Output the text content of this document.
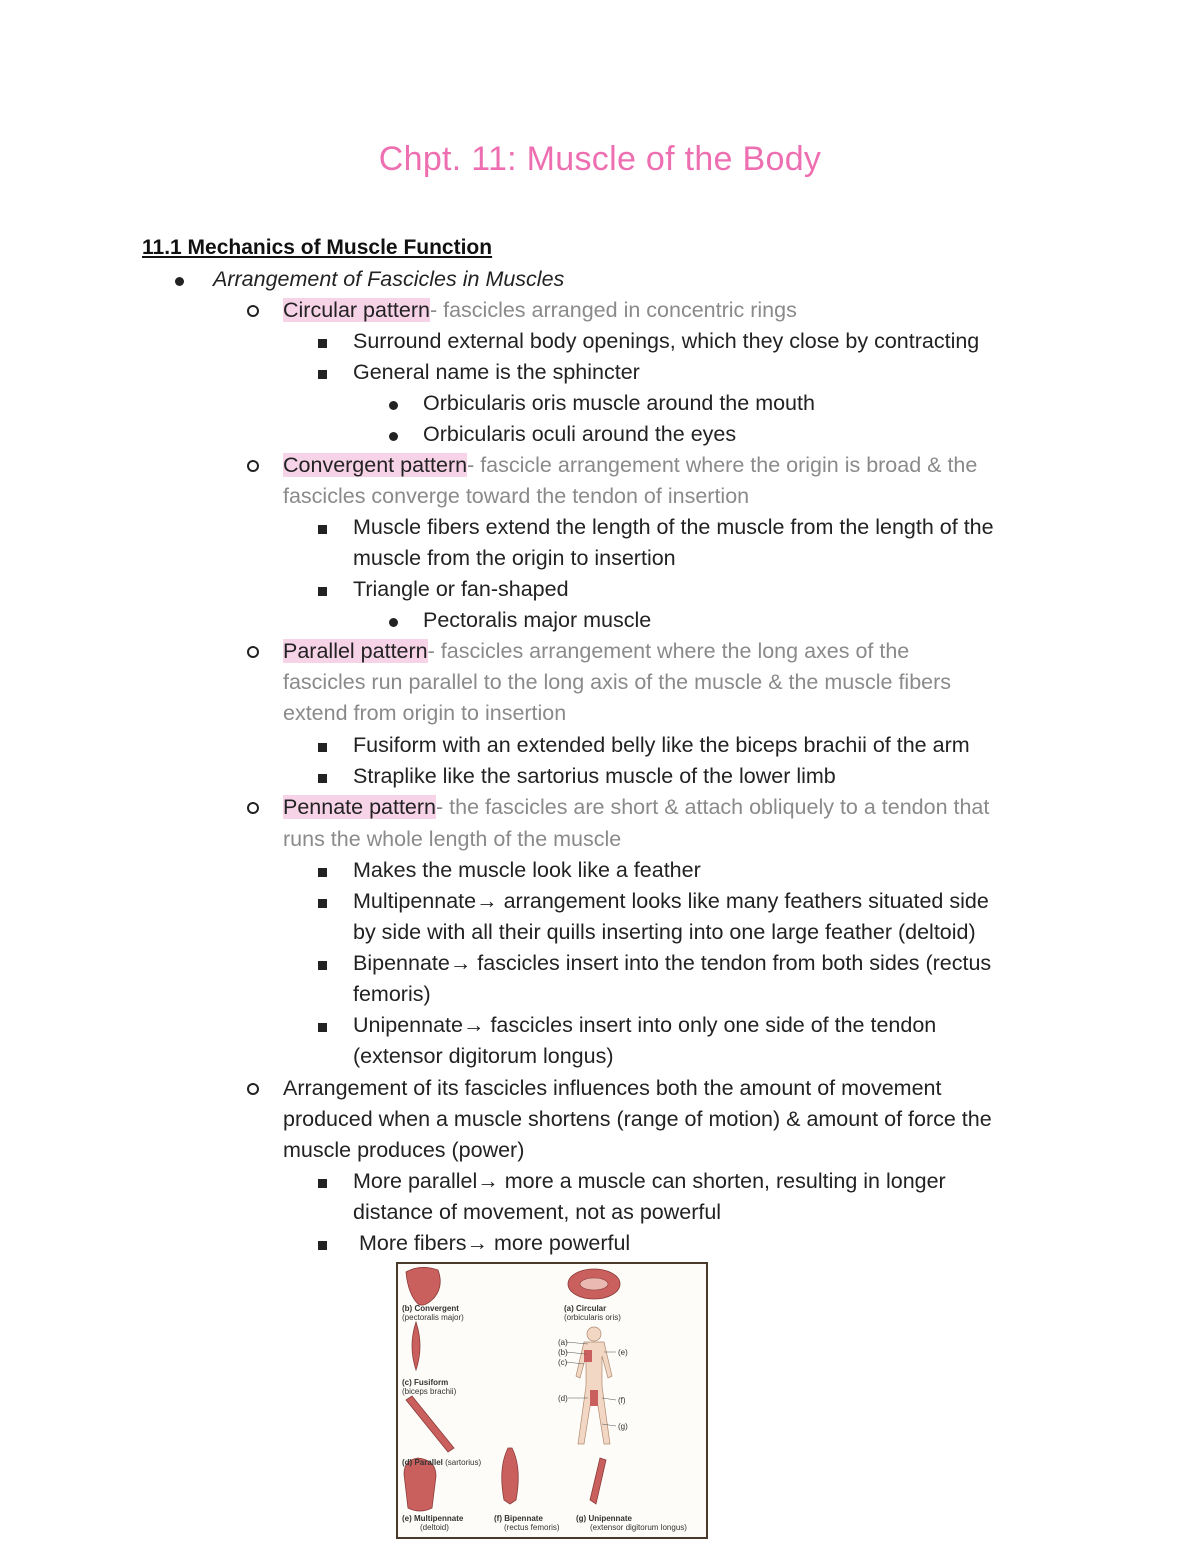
Chpt. 11: Muscle of the Body
11.1 Mechanics of Muscle Function
Arrangement of Fascicles in Muscles
Circular pattern- fascicles arranged in concentric rings
Surround external body openings, which they close by contracting
General name is the sphincter
Orbicularis oris muscle around the mouth
Orbicularis oculi around the eyes
Convergent pattern- fascicle arrangement where the origin is broad & the
fascicles converge toward the tendon of insertion
Muscle fibers extend the length of the muscle from the length of the
muscle from the origin to insertion
Triangle or fan-shaped
Pectoralis major muscle
Parallel pattern- fascicles arrangement where the long axes of the
fascicles run parallel to the long axis of the muscle & the muscle fibers
extend from origin to insertion
Fusiform with an extended belly like the biceps brachii of the arm
Straplike like the sartorius muscle of the lower limb
Pennate pattern- the fascicles are short & attach obliquely to a tendon that
runs the whole length of the muscle
Makes the muscle look like a feather
Multipennate→ arrangement looks like many feathers situated side
by side with all their quills inserting into one large feather (deltoid)
Bipennate→ fascicles insert into the tendon from both sides (rectus
femoris)
Unipennate→ fascicles insert into only one side of the tendon
(extensor digitorum longus)
Arrangement of its fascicles influences both the amount of movement
produced when a muscle shortens (range of motion) & amount of force the
muscle produces (power)
More parallel→ more a muscle can shorten, resulting in longer
distance of movement, not as powerful
More fibers→ more powerful
(b) Convergent
(pectoralis major)
(a) Circular
(orbicularis oris)
(c) Fusiform
(biceps brachii)
(d) Parallel (sartorius)
(e) Multipennate
(deltoid)
(f) Bipennate
(rectus femoris)
(g) Unipennate
(extensor digitorum longus)
(a)
(b)
(c)
(e)
(d)	(f)
(g)
